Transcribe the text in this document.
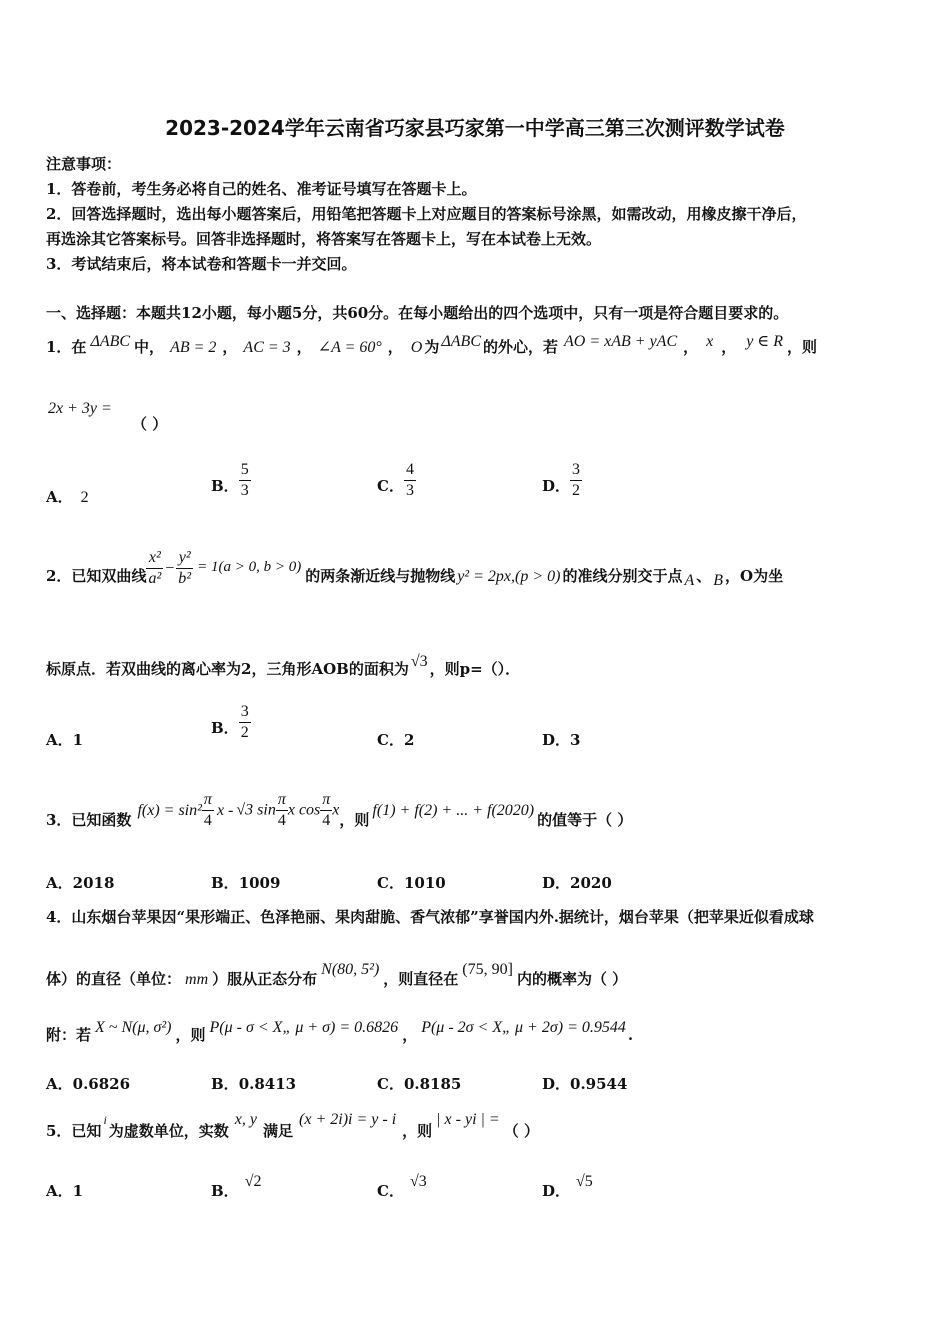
2023-2024学年云南省巧家县巧家第一中学高三第三次测评数学试卷
注意事项：
1．答卷前，考生务必将自己的姓名、准考证号填写在答题卡上。
2．回答选择题时，选出每小题答案后，用铅笔把答题卡上对应题目的答案标号涂黑，如需改动，用橡皮擦干净后，
再选涂其它答案标号。回答非选择题时，将答案写在答题卡上，写在本试卷上无效。
3．考试结束后，将本试卷和答题卡一并交回。
一、选择题：本题共12小题，每小题5分，共60分。在每小题给出的四个选项中，只有一项是符合题目要求的。
1．在 ΔABC 中， AB = 2 ， AC = 3 ， ∠A = 60° ， O 为 ΔABC 的外心，若 AO = xAB + yAC ， x ， y ∈ R ，则
2x + 3y =
（ ）
A． 2
B． $\frac{5}{3}$	C． $\frac{4}{3}$	D． $\frac{3}{2}$
2．已知双曲线 $\frac{\text{x²}}{\text{a²}} - \frac{\text{y²}}{\text{b²}} = 1(a > 0$, b > 0) 的两条渐近线与抛物线 y² = 2px,(p > 0) 的准线分别交于点 A 、 B ，O为坐
标原点．若双曲线的离心率为2，三角形AOB的面积为 √3 ，则p=（）．
A．1
B． $\frac{3}{2}$	C．2	D．3
3．已知函数$f(x) = \sin^2 \frac{\pi}{4}$ x - √3 $\sin \frac{\pi}{4}$ x $\cos \frac{\pi}{4}$ x，则f(1) + f(2) + ... + f(2020)的值等于（ ）
A．2018	B．1009	C．1010	D．2020
4．山东烟台苹果因“果形端正、色泽艳丽、果肉甜脆、香气浓郁”享誉国内外.据统计，烟台苹果（把苹果近似看成球
体）的直径（单位： mm ）服从正态分布N(80, 5²)，则直径在(75, 90]内的概率为（ ）
附：若 X ~ N(μ, σ²) ，则 P(μ - σ < X„ μ + σ) = 0.6826 ， P(μ - 2σ < X„ μ + 2σ) = 0.9544 .
A．0.6826	B．0.8413	C．0.8185	D．0.9544
5．已知i为虚数单位，实数x, y满足(x + 2i)i = y - i，则| x - yi | =（ ）
A．1	B．√2
C．√3
D．√5
